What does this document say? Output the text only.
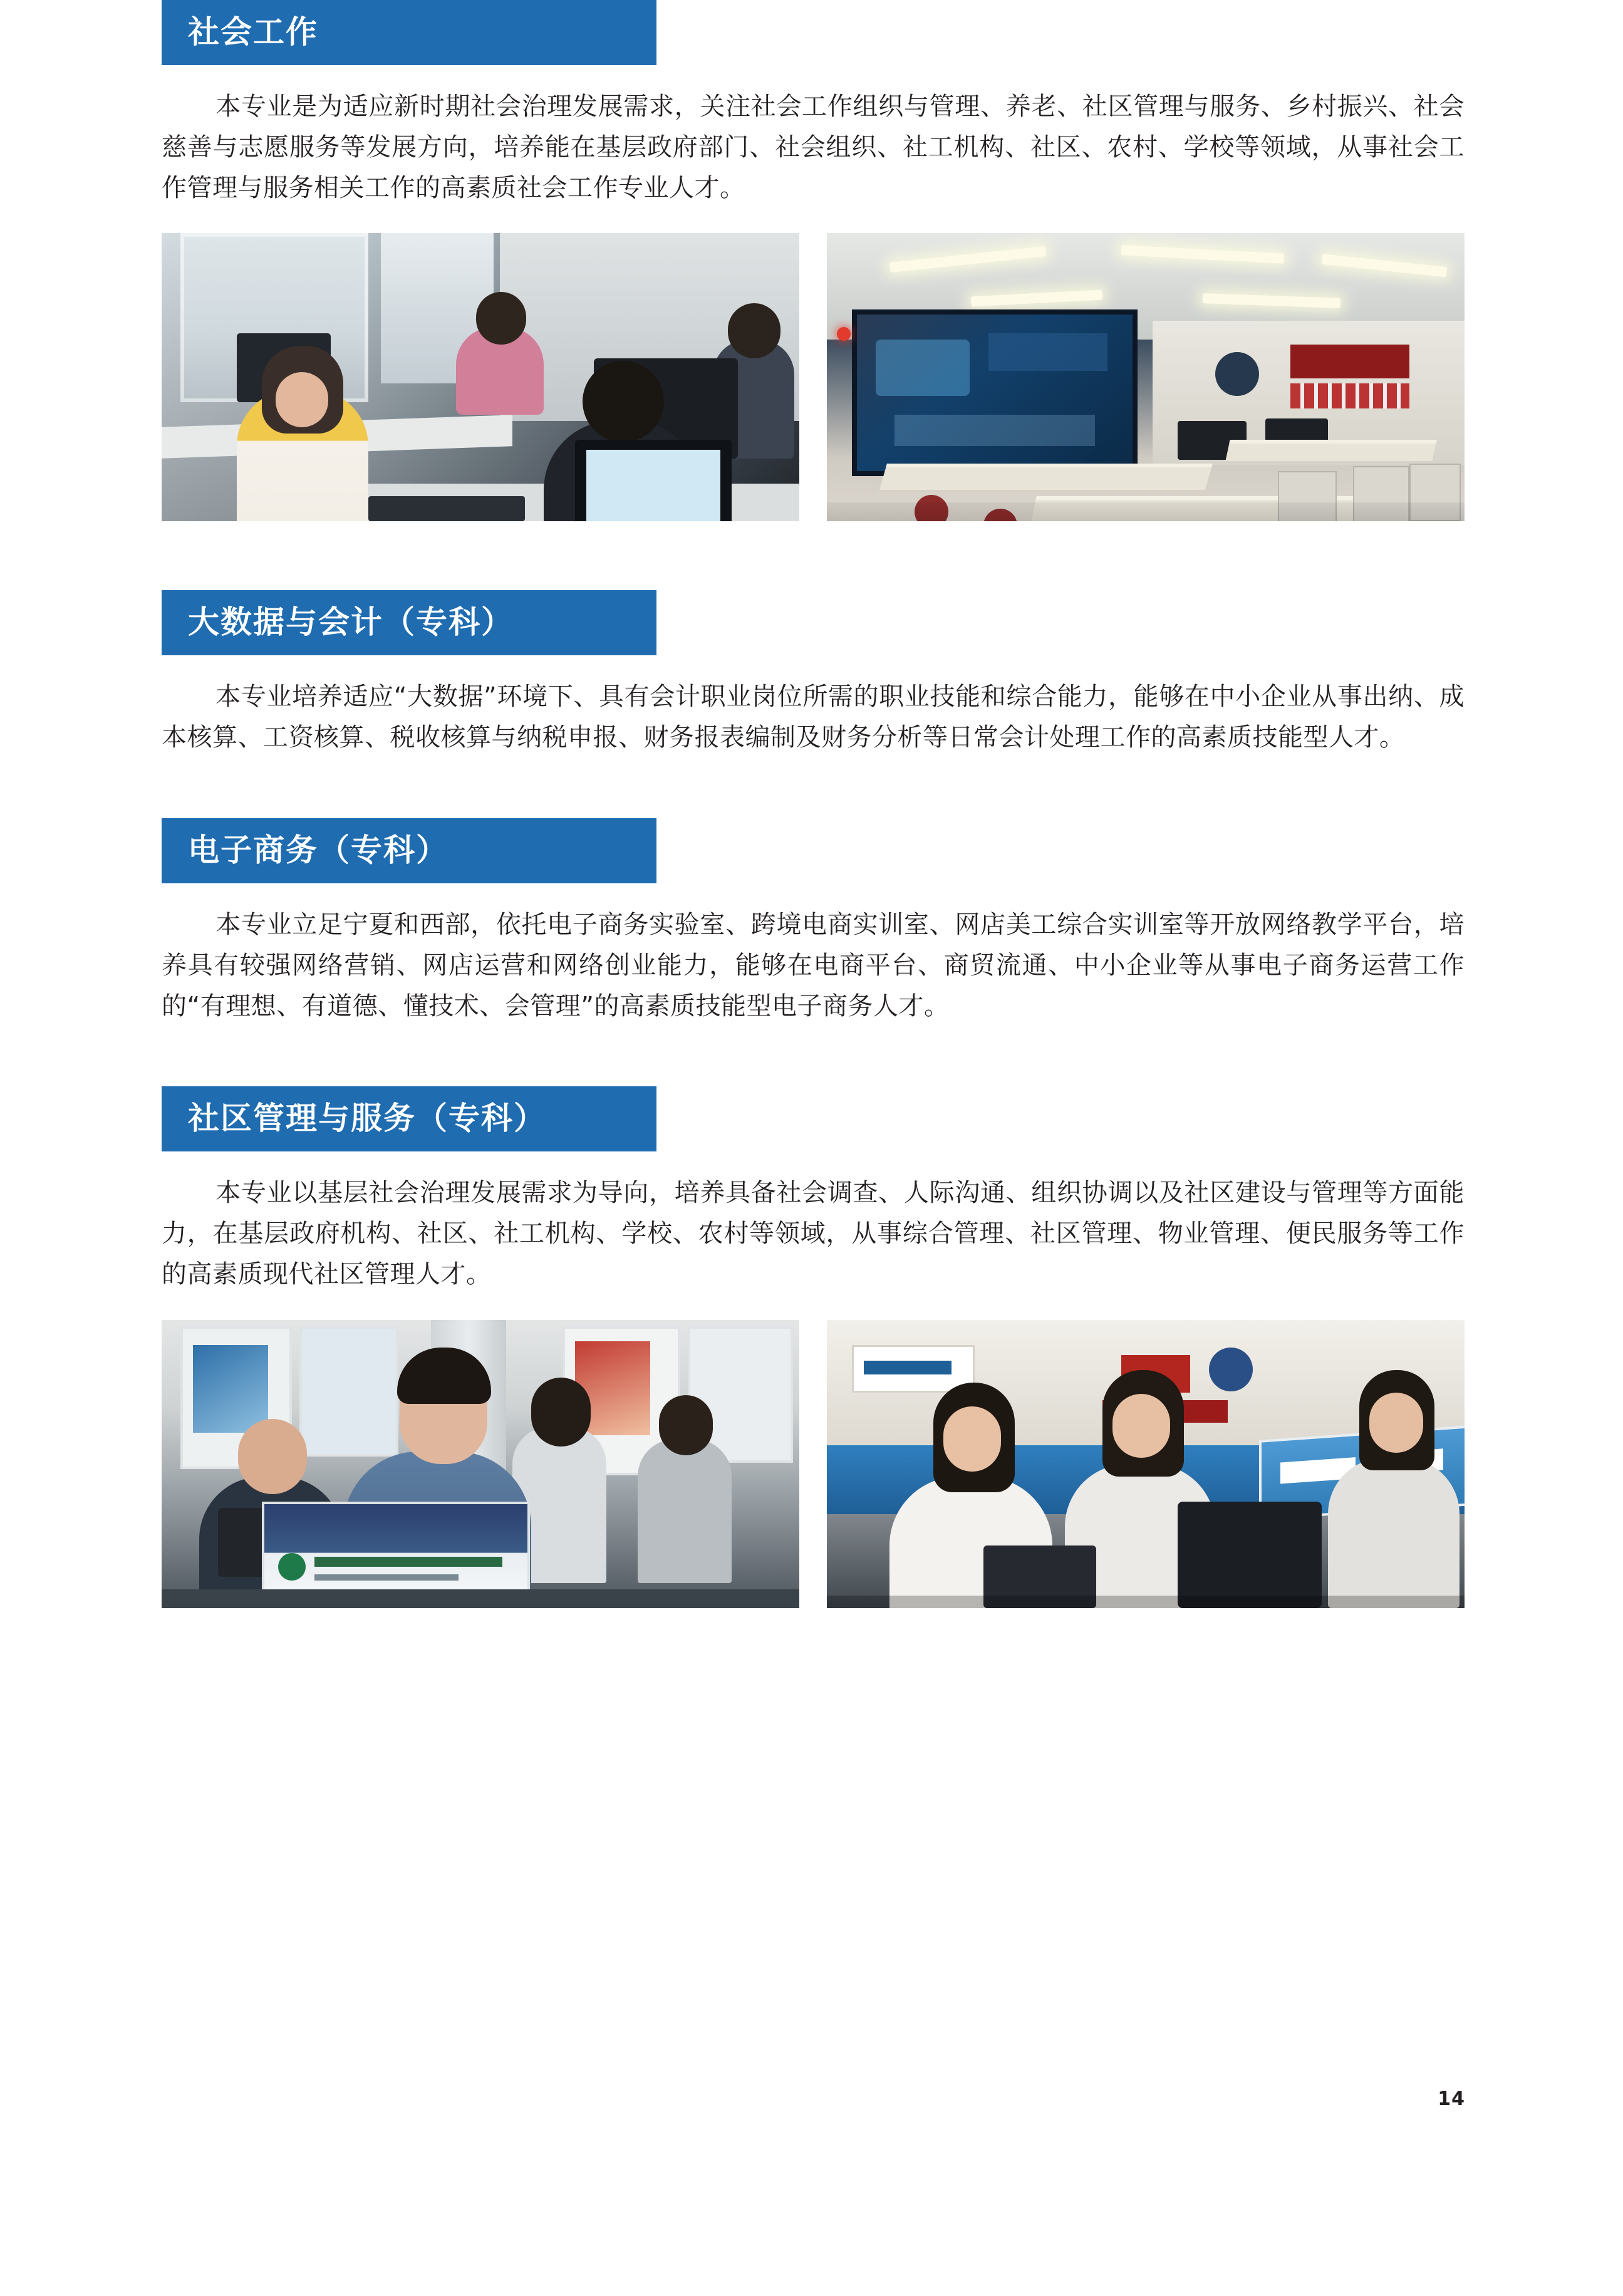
社会工作

本专业是为适应新时期社会治理发展需求，关注社会工作组织与管理、养老、社区管理与服务、乡村振兴、社会慈善与志愿服务等发展方向，培养能在基层政府部门、社会组织、社工机构、社区、农村、学校等领域，从事社会工作管理与服务相关工作的高素质社会工作专业人才。

大数据与会计（专科）

本专业培养适应“大数据”环境下、具有会计职业岗位所需的职业技能和综合能力，能够在中小企业从事出纳、成本核算、工资核算、税收核算与纳税申报、财务报表编制及财务分析等日常会计处理工作的高素质技能型人才。

电子商务（专科）

本专业立足宁夏和西部，依托电子商务实验室、跨境电商实训室、网店美工综合实训室等开放网络教学平台，培养具有较强网络营销、网店运营和网络创业能力，能够在电商平台、商贸流通、中小企业等从事电子商务运营工作的“有理想、有道德、懂技术、会管理”的高素质技能型电子商务人才。

社区管理与服务（专科）

本专业以基层社会治理发展需求为导向，培养具备社会调查、人际沟通、组织协调以及社区建设与管理等方面能力，在基层政府机构、社区、社工机构、学校、农村等领域，从事综合管理、社区管理、物业管理、便民服务等工作的高素质现代社区管理人才。

14
